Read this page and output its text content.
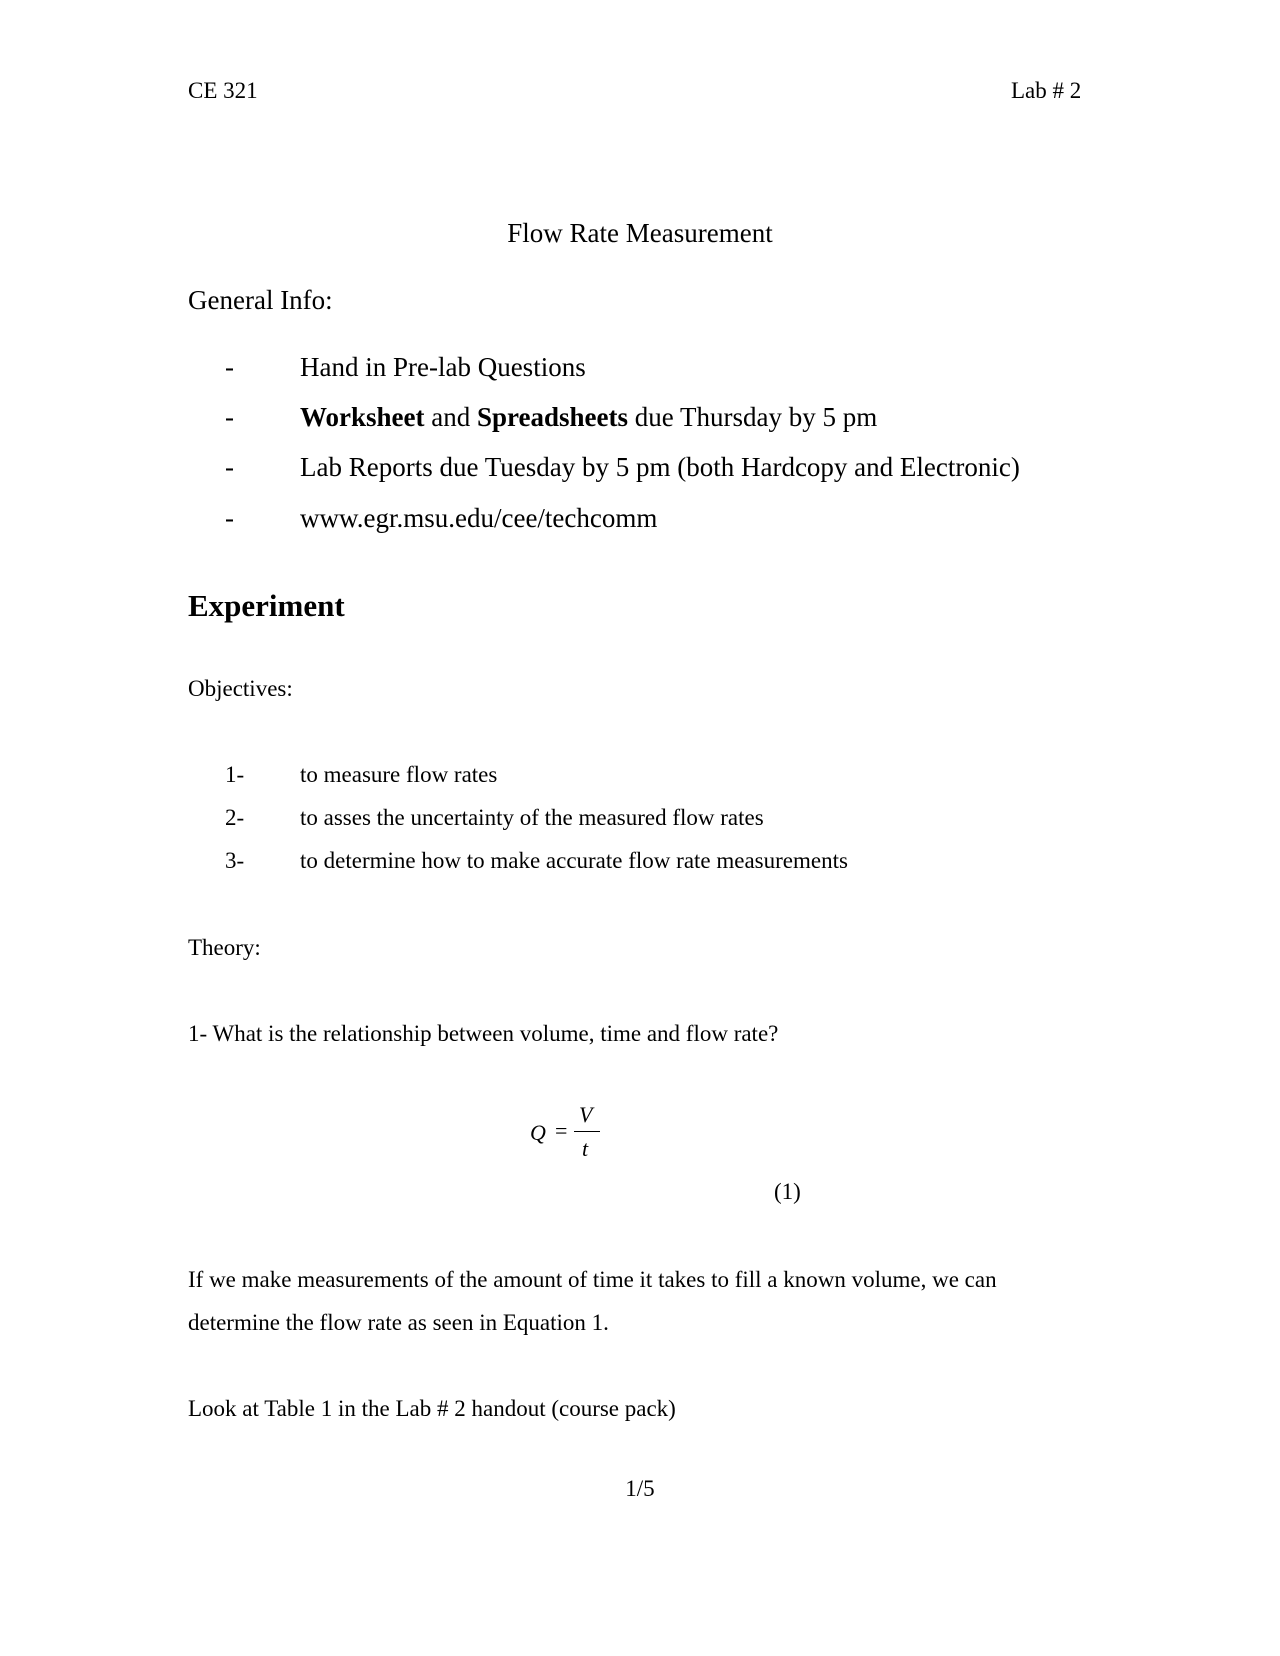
CE 321	Lab # 2
Flow Rate Measurement
General Info:
- Hand in Pre-lab Questions
- Worksheet and Spreadsheets due Thursday by 5 pm
- Lab Reports due Tuesday by 5 pm (both Hardcopy and Electronic)
- www.egr.msu.edu/cee/techcomm
Experiment
Objectives:
1- to measure flow rates
2- to asses the uncertainty of the measured flow rates
3- to determine how to make accurate flow rate measurements
Theory:
1- What is the relationship between volume, time and flow rate?
Q =
V
t
(1)
If we make measurements of the amount of time it takes to fill a known volume, we can
determine the flow rate as seen in Equation 1.
Look at Table 1 in the Lab # 2 handout (course pack)
1/5
